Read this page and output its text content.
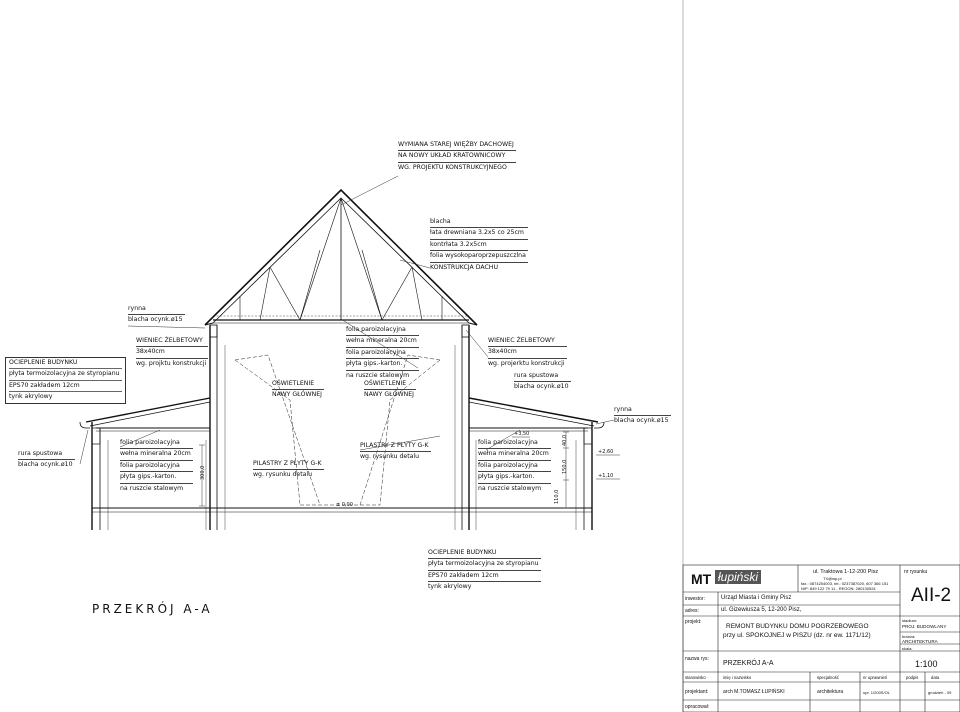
WYMIANA STAREJ WIĘŹBY DACHOWEJ
NA NOWY UKŁAD KRATOWNICOWY
WG. PROJEKTU KONSTRUKCYJNEGO
blacha
łata drewniana 3.2x5 co 25cm
kontrłata 3.2x5cm
folia wysokoparoprzepuszczlna
KONSTRUKCJA DACHU
rynna
blacha ocynk.ø15
OCIEPLENIE BUDYNKU
płyta termoizolacyjna ze styropianu
EPS70 zakładem 12cm
tynk akrylowy
WIENIEC ŻELBETOWY
38x40cm
wg. projktu konstrukcji
folia paroizolacyjna
wełna mineralna 20cm
folia paroizolacyjna
płyta gips.-karton.
na ruszcie stalowym
WIENIEC ŻELBETOWY
38x40cm
wg. projerktu konstrukcji
rura spustowa
blacha ocynk.ø10
OŚWIETLENIE
NAWY GŁÓWNEJ
OŚWIETLENIE
NAWY GŁÓWNEJ
rynna
blacha ocynk.ø15
rura spustowa
blacha ocynk.ø10
folia paroizolacyjna
wełna mineralna 20cm
folia paroizolacyjna
płyta gips.-karton.
na ruszcie stalowym
PILASTRY Z PŁYTY G-K
wg. rysunku detalu
PILASTRY Z PŁYTY G-K
wg. rysunku detalu
folia paroizolacyjna
wełna mineralna 20cm
folia paroizolacyjna
płyta gips.-karton.
na ruszcie stalowym
OCIEPLENIE BUDYNKU
płyta termoizolacyjna ze styropianu
EPS70 zakładem 12cm
tynk akrylowy
300,0
± 0,00
+3,50
+2,60
+1,10
40,0
150,0
110,0
PRZEKRÓJ A-A
MT łupiński	ul. Traktowa 1-12-200 Pisz
TX@wp.pl
fax.: 0874254003, tel.: 0237387020, 607 366 151
NIP: 849 122 79 11 - REGON: 280130524
nr rysunku
AII-2
inwestor:	Urząd Miasta i Gminy Pisz
adres:	ul. Gizewiusza 5, 12-200 Pisz,
projekt:
REMONT BUDYNKU DOMU POGRZEBOWEGO
przy ul. SPOKOJNEJ w PISZU (dz. nr ew. 1171/12)
stadium:
PROJ. BUDOWLANY
branża:
ARCHITEKTURA
skala:
1:100
nazwa rys:
PRZEKRÓJ A-A
stanowisko	imię i nazwisko	specjalność	nr uprawnień	podpis	data
projektant:	arch M.TOMASZ ŁUPIŃSKI	architektura	upr. 1/200S/OL	grudzień - 09
opracował:
